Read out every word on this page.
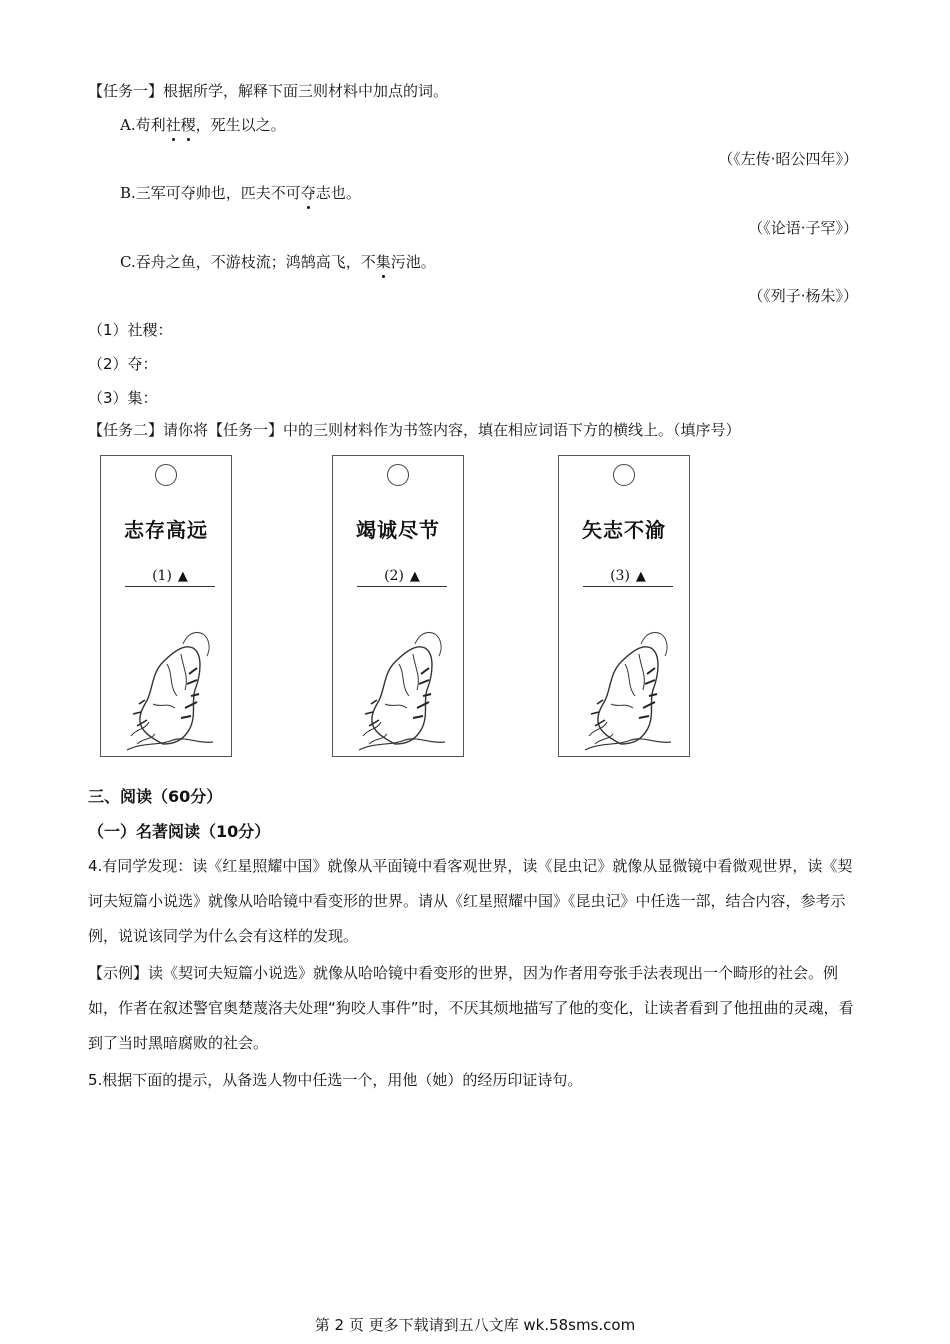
【任务一】根据所学，解释下面三则材料中加点的词。
A.苟利社稷，死生以之。
（《左传·昭公四年》）
B.三军可夺帅也，匹夫不可夺志也。
（《论语·子罕》）
C.吞舟之鱼，不游枝流；鸿鹄高飞，不集污池。
（《列子·杨朱》）
（1）社稷：
（2）夺：
（3）集：
【任务二】请你将【任务一】中的三则材料作为书签内容，填在相应词语下方的横线上。（填序号）
志存高远
(1) ▲
竭诚尽节
(2) ▲
矢志不渝
(3) ▲
三、阅读（60分）
（一）名著阅读（10分）
4.有同学发现：读《红星照耀中国》就像从平面镜中看客观世界，读《昆虫记》就像从显微镜中看微观世界，读《契诃夫短篇小说选》就像从哈哈镜中看变形的世界。请从《红星照耀中国》《昆虫记》中任选一部，结合内容，参考示例，说说该同学为什么会有这样的发现。
【示例】读《契诃夫短篇小说选》就像从哈哈镜中看变形的世界，因为作者用夸张手法表现出一个畸形的社会。例如，作者在叙述警官奥楚蔑洛夫处理“狗咬人事件”时，不厌其烦地描写了他的变化，让读者看到了他扭曲的灵魂，看到了当时黑暗腐败的社会。
5.根据下面的提示，从备选人物中任选一个，用他（她）的经历印证诗句。
第 2 页 更多下载请到五八文库 wk.58sms.com
